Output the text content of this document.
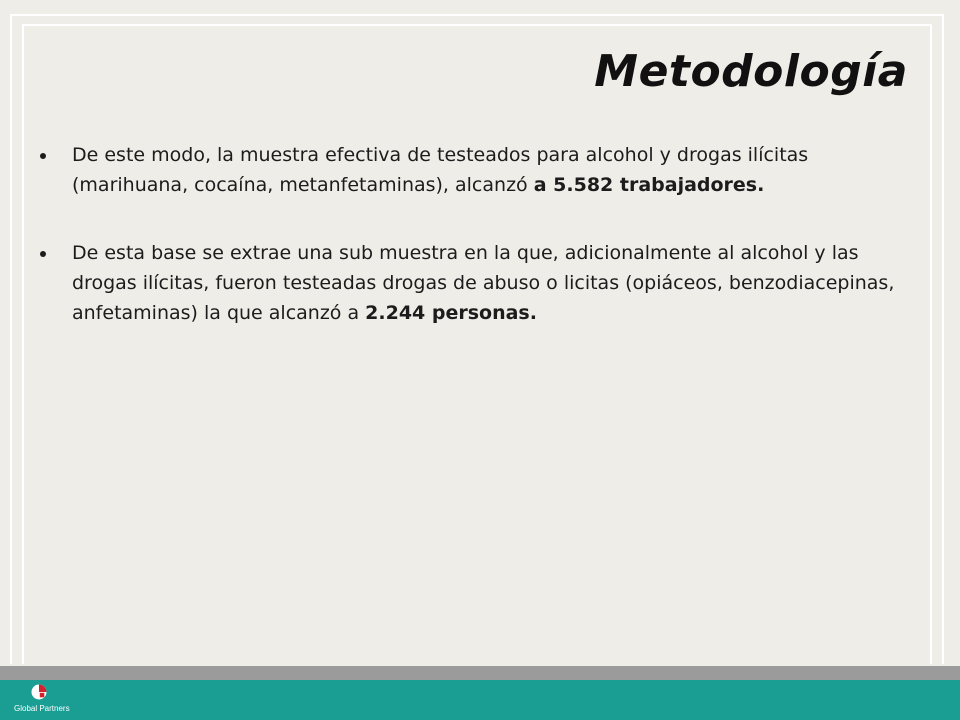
Metodología
De este modo, la muestra efectiva de testeados para alcohol y drogas ilícitas (marihuana, cocaína, metanfetaminas), alcanzó a 5.582 trabajadores.
De esta base se extrae una sub muestra en la que, adicionalmente al alcohol y las drogas ilícitas, fueron testeadas drogas de abuso o licitas (opiáceos, benzodiacepinas, anfetaminas) la que alcanzó a 2.244 personas.
Global Partners
